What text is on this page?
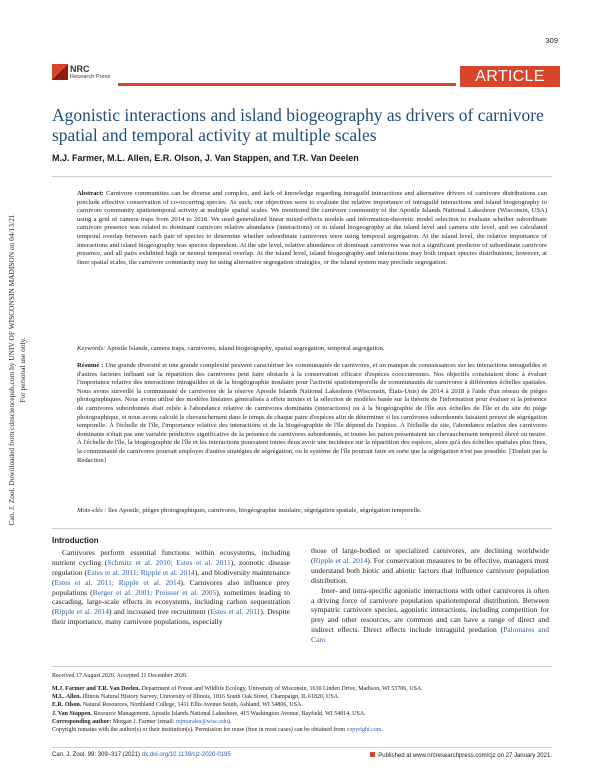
Can. J. Zool. Downloaded from cdnsciencepub.com by UNIV OF WISCONSIN MADISON on 04/13/21 For personal use only.
309
NRC
Research Press	ARTICLE
Agonistic interactions and island biogeography as drivers of carnivore spatial and temporal activity at multiple scales
M.J. Farmer, M.L. Allen, E.R. Olson, J. Van Stappen, and T.R. Van Deelen
Abstract: Carnivore communities can be diverse and complex, and lack of knowledge regarding intraguild interactions and alternative drivers of carnivore distributions can preclude effective conservation of co-occurring species. As such, our objectives were to evaluate the relative importance of intraguild interactions and island biogeography to carnivore community spatiotemporal activity at multiple spatial scales. We monitored the carnivore community of the Apostle Islands National Lakeshore (Wisconsin, USA) using a grid of camera traps from 2014 to 2018. We used generalized linear mixed-effects models and information-theoretic model selection to evaluate whether subordinate carnivore presence was related to dominant carnivore relative abundance (interactions) or to island biogeography at the island level and camera site level, and we calculated temporal overlap between each pair of species to determine whether subordinate carnivores were using temporal segregation. At the island level, the relative importance of interactions and island biogeography was species dependent. At the site level, relative abundance of dominant carnivores was not a significant predictor of subordinate carnivore presence, and all pairs exhibited high or neutral temporal overlap. At the island level, island biogeography and interactions may both impact species distributions; however, at finer spatial scales, the carnivore community may be using alternative segregation strategies, or the island system may preclude segregation.
Keywords: Apostle Islands, camera traps, carnivores, island biogeography, spatial segregation, temporal segregation.
Résumé : Une grande diversité et une grande complexité peuvent caractériser les communautés de carnivores, et un manque de connaissances sur les interactions intraguildes et d'autres facteurs influant sur la répartition des carnivores peut faire obstacle à la conservation efficace d'espèces cooccurrentes. Nos objectifs consistaient donc à évaluer l'importance relative des interactions intraguildes et de la biogéographie insulaire pour l'activité spatiotemporelle de communautés de carnivores à différentes échelles spatiales. Nous avons surveillé la communauté de carnivores de la réserve Apostle Islands National Lakeshore (Wisconsin, États-Unis) de 2014 à 2018 à l'aide d'un réseau de pièges photographiques. Nous avons utilisé des modèles linéaires généralisés à effets mixtes et la sélection de modèles basée sur la théorie de l'information pour évaluer si la présence de carnivores subordonnés était reliée à l'abondance relative de carnivores dominants (interactions) ou à la biogéographie de l'île aux échelles de l'île et du site du piège photographique, et nous avons calculé le chevauchement dans le temps de chaque paire d'espèces afin de déterminer si les carnivores subordonnés faisaient preuve de ségrégation temporelle. À l'échelle de l'île, l'importance relative des interactions et de la biogéographie de l'île dépend de l'espèce. À l'échelle du site, l'abondance relative des carnivores dominants n'était pas une variable prédictive significative de la présence de carnivores subordonnés, et toutes les paires présentaient un chevauchement temporel élevé ou neutre. À l'échelle de l'île, la biogéographie de l'île et les interactions pourraient toutes deux avoir une incidence sur la répartition des espèces, alors qu'à des échelles spatiales plus fines, la communauté de carnivores pourrait employer d'autres stratégies de ségrégation, ou le système de l'île pourrait faire en sorte que la ségrégation n'est pas possible. [Traduit par la Rédaction]
Mots-clés : îles Apostle, pièges photographiques, carnivores, biogéographie insulaire, ségrégation spatiale, ségrégation temporelle.
Introduction

Carnivores perform essential functions within ecosystems, including nutrient cycling (Schmitz et al. 2010; Estes et al. 2011), zoonotic disease regulation (Estes et al. 2011; Ripple et al. 2014), and biodiversity maintenance (Estes et al. 2011; Ripple et al. 2014). Carnivores also influence prey populations (Berger et al. 2001; Preisser et al. 2005), sometimes leading to cascading, large-scale effects in ecosystems, including carbon sequestration (Ripple et al. 2014) and increased tree recruitment (Estes et al. 2011). Despite their importance, many carnivore populations, especially

those of large-bodied or specialized carnivores, are declining worldwide (Ripple et al. 2014). For conservation measures to be effective, managers must understand both biotic and abiotic factors that influence carnivore population distribution.

Inter- and intra-specific agonistic interactions with other carnivores is often a driving force of carnivore population spatiotemporal distribution. Between sympatric carnivore species, agonistic interactions, including competition for prey and other resources, are common and can have a range of direct and indirect effects. Direct effects include intraguild predation (Palomares and Caro

Received 17 August 2020. Accepted 11 December 2020.
M.J. Farmer and T.R. Van Deelen. Department of Forest and Wildlife Ecology, University of Wisconsin, 1630 Linden Drive, Madison, WI 53706, USA.
M.L. Allen. Illinois Natural History Survey, University of Illinois, 1816 South Oak Street, Champaign, IL 61820, USA.
E.R. Olson. Natural Resources, Northland College, 1411 Ellis Avenue South, Ashland, WI 54806, USA.
J. Van Stappen. Resource Management, Apostle Islands National Lakeshore, 415 Washington Avenue, Bayfield, WI 54814, USA.
Corresponding author: Morgan J. Farmer (email: mjmorales@wisc.edu).
Copyright remains with the author(s) or their institution(s). Permission for reuse (free in most cases) can be obtained from copyright.com.
Can. J. Zool. 99: 309–317 (2021) dx.doi.org/10.1139/cjz-2020-0195	Published at www.nrcresearchpress.com/cjz on 27 January 2021.
